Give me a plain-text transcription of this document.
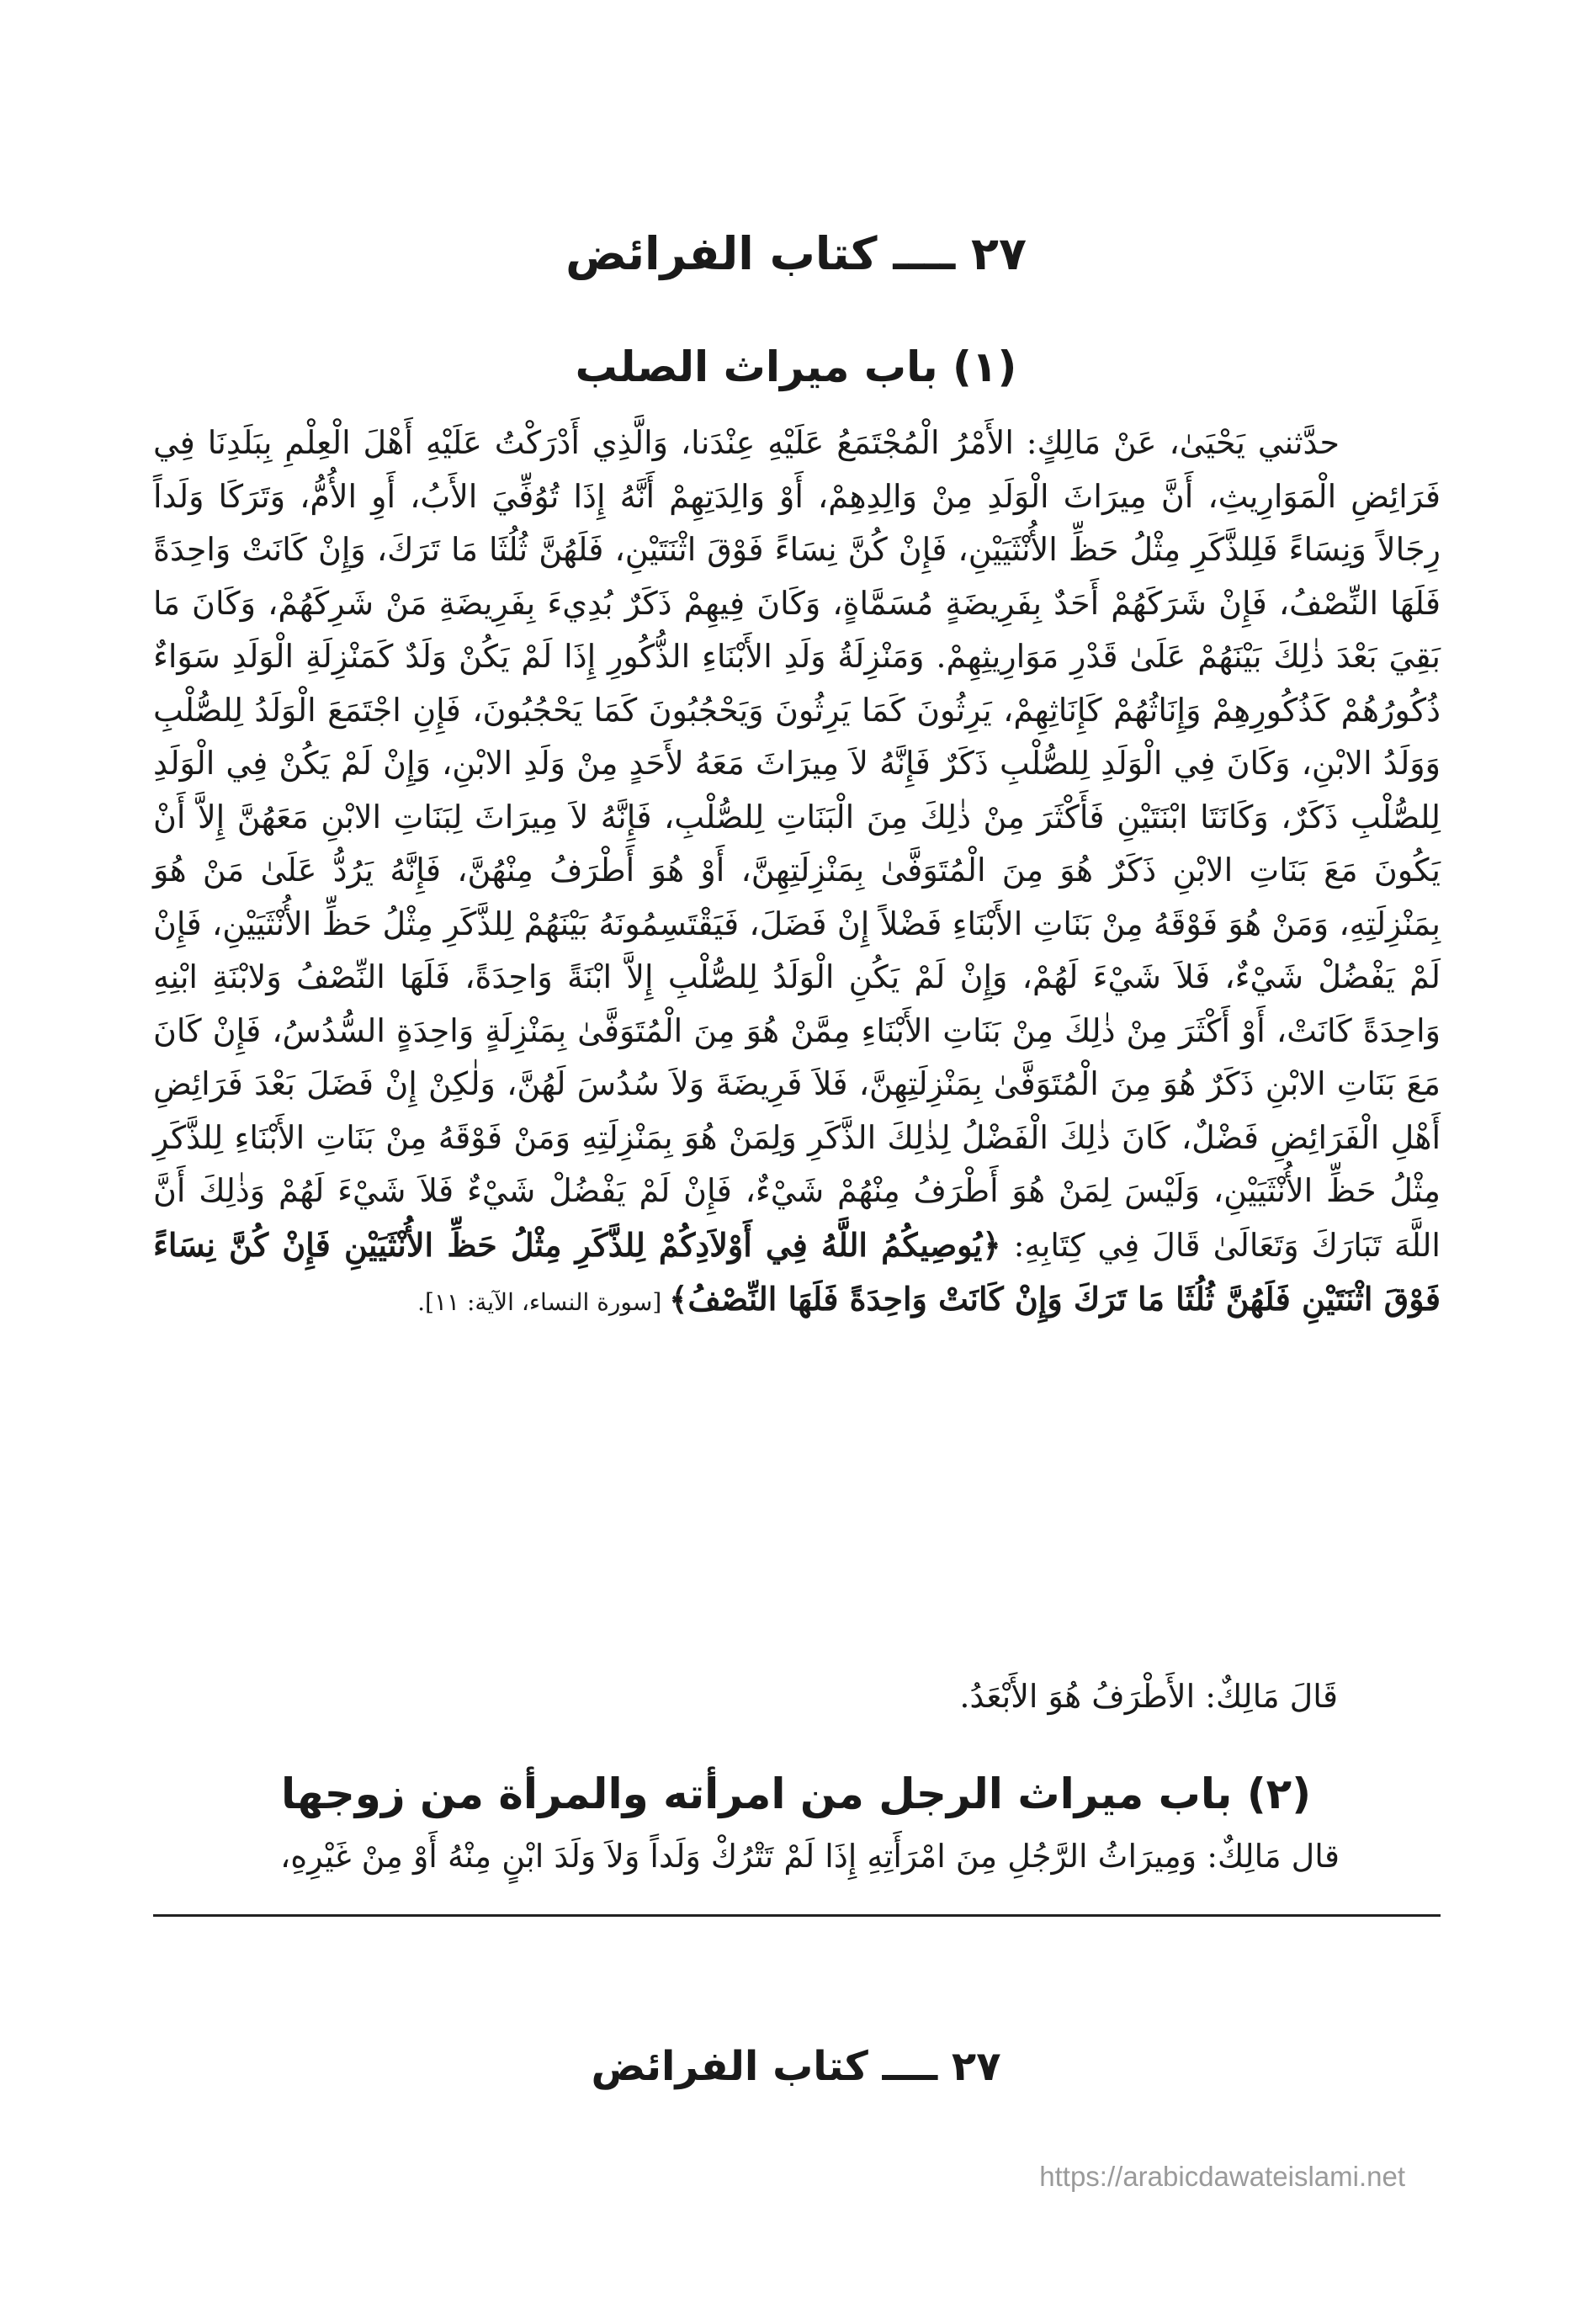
٢٧ ــــ كتاب الفرائض
(١) باب ميراث الصلب

حدَّثني يَحْيَىٰ، عَنْ مَالِكٍ: الأَمْرُ الْمُجْتَمَعُ عَلَيْهِ عِنْدَنا، وَالَّذِي أَدْرَكْتُ عَلَيْهِ أَهْلَ الْعِلْمِ بِبَلَدِنَا فِي فَرَائِضِ الْمَوَارِيثِ، أَنَّ مِيرَاثَ الْوَلَدِ مِنْ وَالِدِهِمْ، أَوْ وَالِدَتِهِمْ أَنَّهُ إِذَا تُوُفِّيَ الأَبُ، أَوِ الأُمُّ، وَتَرَكَا وَلَداً رِجَالاً وَنِسَاءً فَلِلذَّكَرِ مِثْلُ حَظِّ الأُنْثَيَيْنِ، فَإِنْ كُنَّ نِسَاءً فَوْقَ اثْنَتَيْنِ، فَلَهُنَّ ثُلُثَا مَا تَرَكَ، وَإِنْ كَانَتْ وَاحِدَةً فَلَهَا النِّصْفُ، فَإِنْ شَرَكَهُمْ أَحَدٌ بِفَرِيضَةٍ مُسَمَّاةٍ، وَكَانَ فِيهِمْ ذَكَرٌ بُدِيءَ بِفَرِيضَةِ مَنْ شَرِكَهُمْ، وَكَانَ مَا بَقِيَ بَعْدَ ذٰلِكَ بَيْنَهُمْ عَلَىٰ قَدْرِ مَوَارِيثِهِمْ. وَمَنْزِلَةُ وَلَدِ الأَبْنَاءِ الذُّكُورِ إِذَا لَمْ يَكُنْ وَلَدٌ كَمَنْزِلَةِ الْوَلَدِ سَوَاءٌ ذُكُورُهُمْ كَذُكُورِهِمْ وَإِنَاثُهُمْ كَإِنَاثِهِمْ، يَرِثُونَ كَمَا يَرِثُونَ وَيَحْجُبُونَ كَمَا يَحْجُبُونَ، فَإِنِ اجْتَمَعَ الْوَلَدُ لِلصُّلْبِ وَوَلَدُ الابْنِ، وَكَانَ فِي الْوَلَدِ لِلصُّلْبِ ذَكَرٌ فَإِنَّهُ لاَ مِيرَاثَ مَعَهُ لأَحَدٍ مِنْ وَلَدِ الابْنِ، وَإِنْ لَمْ يَكُنْ فِي الْوَلَدِ لِلصُّلْبِ ذَكَرٌ، وَكَانَتَا ابْنَتَيْنِ فَأَكْثَرَ مِنْ ذٰلِكَ مِنَ الْبَنَاتِ لِلصُّلْبِ، فَإِنَّهُ لاَ مِيرَاثَ لِبَنَاتِ الابْنِ مَعَهُنَّ إِلاَّ أَنْ يَكُونَ مَعَ بَنَاتِ الابْنِ ذَكَرٌ هُوَ مِنَ الْمُتَوَفَّىٰ بِمَنْزِلَتِهِنَّ، أَوْ هُوَ أَطْرَفُ مِنْهُنَّ، فَإِنَّهُ يَرُدُّ عَلَىٰ مَنْ هُوَ بِمَنْزِلَتِهِ، وَمَنْ هُوَ فَوْقَهُ مِنْ بَنَاتِ الأَبْنَاءِ فَضْلاً إِنْ فَضَلَ، فَيَقْتَسِمُونَهُ بَيْنَهُمْ لِلذَّكَرِ مِثْلُ حَظِّ الأُنْثَيَيْنِ، فَإِنْ لَمْ يَفْضُلْ شَيْءٌ، فَلاَ شَيْءَ لَهُمْ، وَإِنْ لَمْ يَكُنِ الْوَلَدُ لِلصُّلْبِ إِلاَّ ابْنَةً وَاحِدَةً، فَلَهَا النِّصْفُ وَلابْنَةِ ابْنِهِ وَاحِدَةً كَانَتْ، أَوْ أَكْثَرَ مِنْ ذٰلِكَ مِنْ بَنَاتِ الأَبْنَاءِ مِمَّنْ هُوَ مِنَ الْمُتَوَفَّىٰ بِمَنْزِلَةٍ وَاحِدَةٍ السُّدُسُ، فَإِنْ كَانَ مَعَ بَنَاتِ الابْنِ ذَكَرٌ هُوَ مِنَ الْمُتَوَفَّىٰ بِمَنْزِلَتِهِنَّ، فَلاَ فَرِيضَةَ وَلاَ سُدُسَ لَهُنَّ، وَلٰكِنْ إِنْ فَضَلَ بَعْدَ فَرَائِضِ أَهْلِ الْفَرَائِضِ فَضْلٌ، كَانَ ذٰلِكَ الْفَضْلُ لِذٰلِكَ الذَّكَرِ وَلِمَنْ هُوَ بِمَنْزِلَتِهِ وَمَنْ فَوْقَهُ مِنْ بَنَاتِ الأَبْنَاءِ لِلذَّكَرِ مِثْلُ حَظِّ الأُنْثَيَيْنِ، وَلَيْسَ لِمَنْ هُوَ أَطْرَفُ مِنْهُمْ شَيْءٌ، فَإِنْ لَمْ يَفْضُلْ شَيْءٌ فَلاَ شَيْءَ لَهُمْ وَذٰلِكَ أَنَّ اللَّهَ تَبَارَكَ وَتَعَالَىٰ قَالَ فِي كِتَابِهِ: ﴿يُوصِيكُمُ اللَّهُ فِي أَوْلاَدِكُمْ لِلذَّكَرِ مِثْلُ حَظِّ الأُنْثَيَيْنِ فَإِنْ كُنَّ نِسَاءً فَوْقَ اثْنَتَيْنِ فَلَهُنَّ ثُلُثَا مَا تَرَكَ وَإِنْ كَانَتْ وَاحِدَةً فَلَهَا النِّصْفُ﴾ [سورة النساء، الآية: ١١].

قَالَ مَالِكٌ: الأَطْرَفُ هُوَ الأَبْعَدُ.
(٢) باب ميراث الرجل من امرأته والمرأة من زوجها
قال مَالِكٌ: وَمِيرَاثُ الرَّجُلِ مِنَ امْرَأَتِهِ إِذَا لَمْ تَتْرُكْ وَلَداً وَلاَ وَلَدَ ابْنٍ مِنْهُ أَوْ مِنْ غَيْرِهِ،
٢٧ ــــ كتاب الفرائض
https://arabicdawateislami.net
